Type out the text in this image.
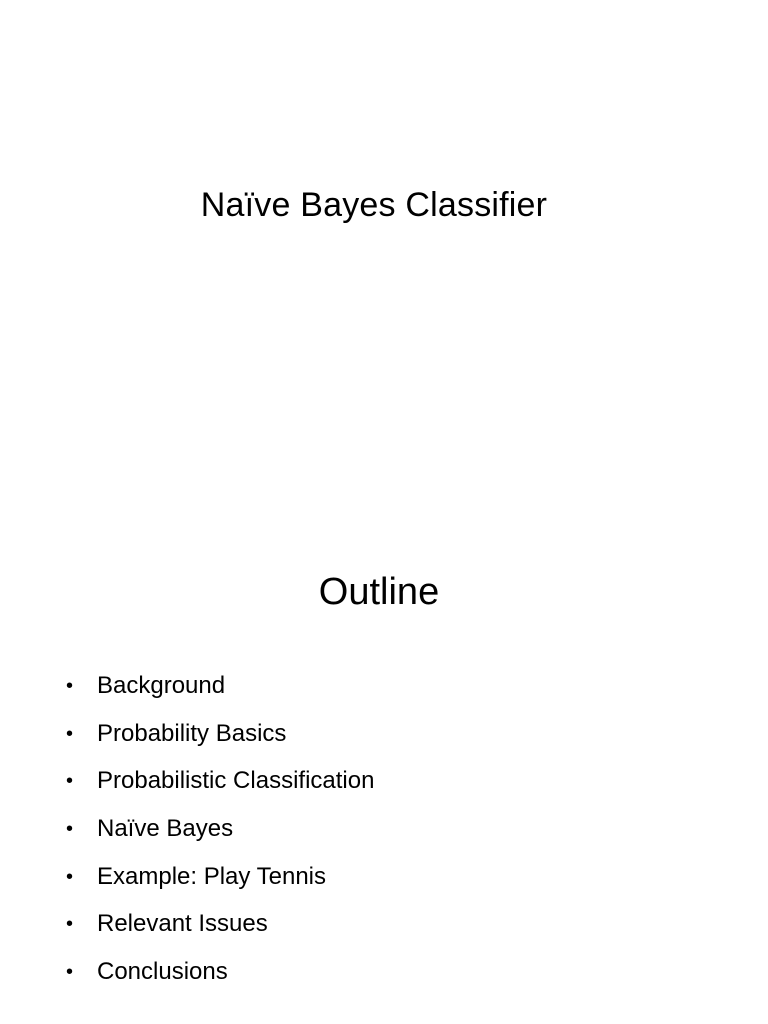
Naïve Bayes Classifier
Outline
• Background
• Probability Basics
• Probabilistic Classification
• Naïve Bayes
• Example: Play Tennis
• Relevant Issues
• Conclusions
